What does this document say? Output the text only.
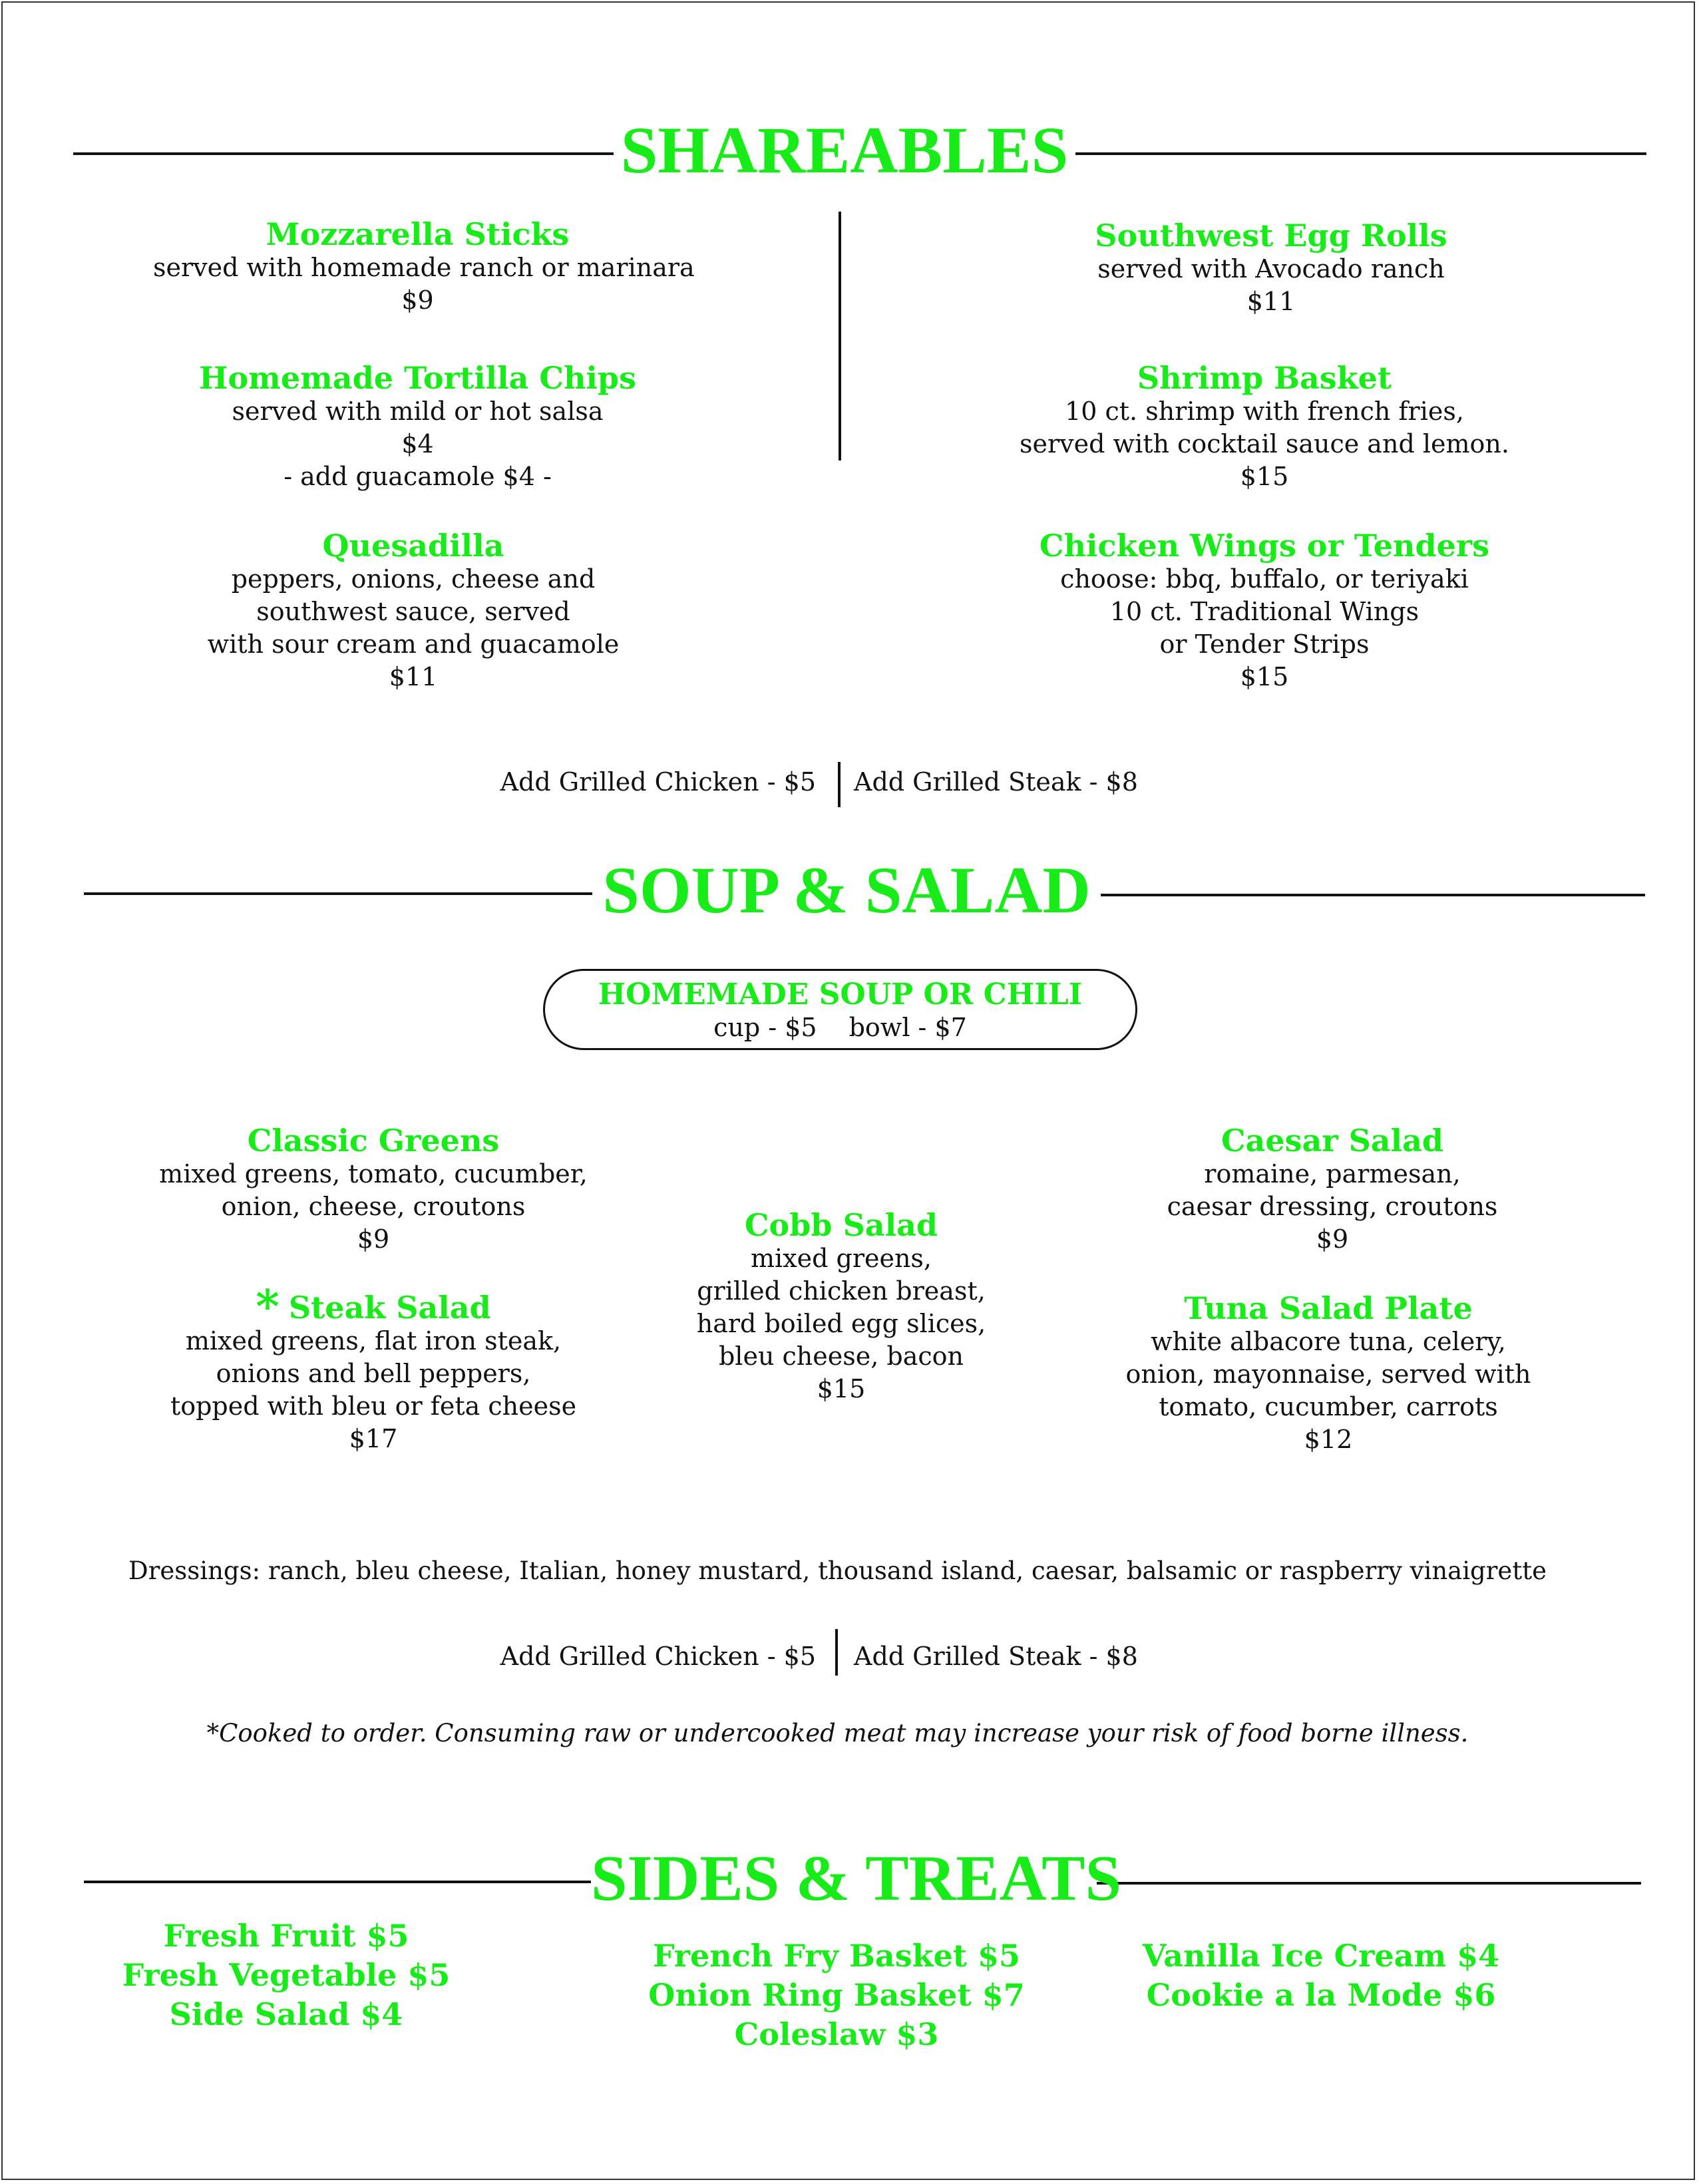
SHAREABLES
Mozzarella Sticks
served with homemade ranch or marinara
$9
Homemade Tortilla Chips
served with mild or hot salsa
$4
- add guacamole $4 -
Quesadilla
peppers, onions, cheese and
southwest sauce, served
with sour cream and guacamole
$11
Southwest Egg Rolls
served with Avocado ranch
$11
Shrimp Basket
10 ct. shrimp with french fries,
served with cocktail sauce and lemon.
$15
Chicken Wings or Tenders
choose: bbq, buffalo, or teriyaki
10 ct. Traditional Wings
or Tender Strips
$15
Add Grilled Chicken - $5 Add Grilled Steak - $8
SOUP & SALAD
HOMEMADE SOUP OR CHILI
cup - $5 bowl - $7
Classic Greens
mixed greens, tomato, cucumber,
onion, cheese, croutons
$9
* Steak Salad
mixed greens, flat iron steak,
onions and bell peppers,
topped with bleu or feta cheese
$17
Cobb Salad
mixed greens,
grilled chicken breast,
hard boiled egg slices,
bleu cheese, bacon
$15
Caesar Salad
romaine, parmesan,
caesar dressing, croutons
$9
Tuna Salad Plate
white albacore tuna, celery,
onion, mayonnaise, served with
tomato, cucumber, carrots
$12
Dressings: ranch, bleu cheese, Italian, honey mustard, thousand island, caesar, balsamic or raspberry vinaigrette
Add Grilled Chicken - $5 Add Grilled Steak - $8
*Cooked to order. Consuming raw or undercooked meat may increase your risk of food borne illness.
SIDES & TREATS
Fresh Fruit $5
Fresh Vegetable $5
Side Salad $4
French Fry Basket $5
Onion Ring Basket $7
Coleslaw $3
Vanilla Ice Cream $4
Cookie a la Mode $6
